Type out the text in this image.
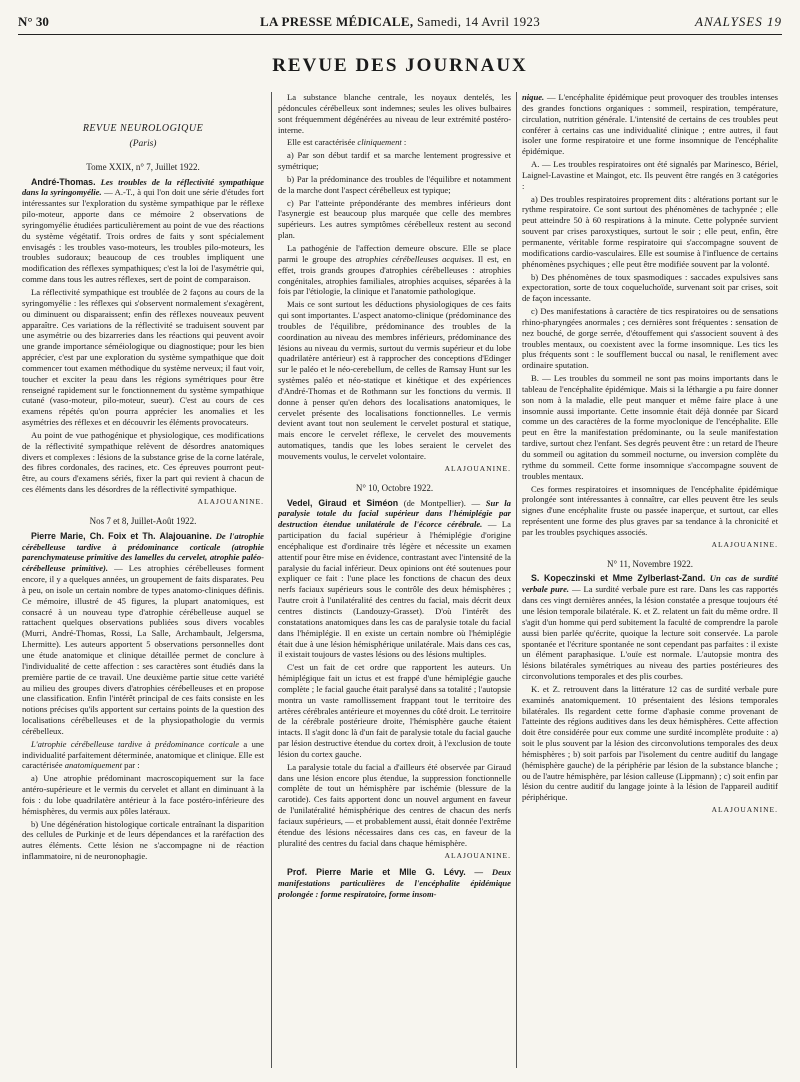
N° 30	LA PRESSE MÉDICALE, Samedi, 14 Avril 1923	ANALYSES 19
REVUE DES JOURNAUX
REVUE NEUROLOGIQUE
(Paris)

Tome XXIX, n° 7, Juillet 1922.

André-Thomas. Les troubles de la réflectivité sympathique dans la syringomyélie. — A.-T., à qui l'on doit une série d'études fort intéressantes sur l'exploration du système sympathique par le réflexe pilo-moteur, apporte dans ce mémoire 2 observations de syringomyélie étudiées particulièrement au point de vue des réactions du système végétatif. Trois ordres de faits y sont spécialement envisagés : les troubles vaso-moteurs, les troubles pilo-moteurs, les troubles sudoraux; beaucoup de ces troubles impliquent une modification des réflexes sympathiques; c'est la loi de l'asymétrie qui, comme dans tous les autres réflexes, sert de point de comparaison.

La réflectivité sympathique est troublée de 2 façons au cours de la syringomyélie : les réflexes qui s'observent normalement s'exagèrent, ou diminuent ou disparaissent; enfin des réflexes nouveaux peuvent apparaître. Ces variations de la réflectivité se traduisent souvent par une asymétrie ou des bizarreries dans les réactions qui peuvent avoir une grande importance séméiologique ou diagnostique; pour les bien apprécier, c'est par une exploration du système sympathique que doit commencer tout examen méthodique du système nerveux; il faut voir, toucher et exciter la peau dans les régions symétriques pour être renseigné rapidement sur le fonctionnement du système sympathique cutané (vaso-moteur, pilo-moteur, sueur). C'est au cours de ces examens répétés qu'on pourra apprécier les anomalies et les asymétries des réflexes et en découvrir les éléments provocateurs.

Au point de vue pathogénique et physiologique, ces modifications de la réflectivité sympathique relèvent de désordres anatomiques divers et complexes : lésions de la substance grise de la corne latérale, des fibres cordonales, des racines, etc. Ces épreuves pourront peut-être, au cours d'examens sériés, fixer la part qui revient à chacun de ces éléments dans les désordres de la réflectivité sympathique.

ALAJOUANINE.

Nos 7 et 8, Juillet-Août 1922.

Pierre Marie, Ch. Foix et Th. Alajouanine. De l'atrophie cérébelleuse tardive à prédominance corticale (atrophie parenchymateuse primitive des lamelles du cervelet, atrophie paléo-cérébelleuse primitive). — Les atrophies cérébelleuses forment encore, il y a quelques années, un groupement de faits disparates. Peu à peu, on isole un certain nombre de types anatomo-cliniques définis. Ce mémoire, illustré de 45 figures, la plupart anatomiques, est consacré à un nouveau type d'atrophie cérébelleuse auquel se rattachent quelques observations publiées sous divers vocables (Murri, André-Thomas, Rossi, La Salle, Archambault, Jelgersma, Lhermitte). Les auteurs apportent 5 observations personnelles dont une étude anatomique et clinique détaillée permet de conclure à l'individualité de cette affection : ses caractères sont étudiés dans la première partie de ce travail. Une deuxième partie situe cette variété au milieu des groupes divers d'atrophies cérébelleuses et en propose une classification. Enfin l'intérêt principal de ces faits consiste en les notions précises qu'ils apportent sur certains points de la question des localisations cérébelleuses et de la physiopathologie du vermis cérébelleux.

L'atrophie cérébelleuse tardive à prédominance corticale a une individualité parfaitement déterminée, anatomique et clinique. Elle est caractérisée anatomiquement par :

a) Une atrophie prédominant macroscopiquement sur la face antéro-supérieure et le vermis du cervelet et allant en diminuant à la fois : du lobe quadrilatère antérieur à la face postéro-inférieure des hémisphères, du vermis aux pôles latéraux.

b) Une dégénération histologique corticale entraînant la disparition des cellules de Purkinje et de leurs dépendances et la raréfaction des autres éléments. Cette lésion ne s'accompagne ni de réaction inflammatoire, ni de neuronophagie.

La substance blanche centrale, les noyaux dentelés, les pédoncules cérébelleux sont indemnes; seules les olives bulbaires sont fréquemment dégénérées au niveau de leur extrémité postéro-interne.

Elle est caractérisée cliniquement :

a) Par son début tardif et sa marche lentement progressive et symétrique;

b) Par la prédominance des troubles de l'équilibre et notamment de la marche dont l'aspect cérébelleux est typique;

c) Par l'atteinte prépondérante des membres inférieurs dont l'asynergie est beaucoup plus marquée que celle des membres supérieurs. Les autres symptômes cérébelleux restent au second plan.

La pathogénie de l'affection demeure obscure. Elle se place parmi le groupe des atrophies cérébelleuses acquises. Il est, en effet, trois grands groupes d'atrophies cérébelleuses : atrophies congénitales, atrophies familiales, atrophies acquises, séparées à la fois par l'étiologie, la clinique et l'anatomie pathologique.

Mais ce sont surtout les déductions physiologiques de ces faits qui sont importantes. L'aspect anatomo-clinique (prédominance des troubles de l'équilibre, prédominance des troubles de la coordination au niveau des membres inférieurs, prédominance des lésions au niveau du vermis, surtout du vermis supérieur et du lobe quadrilatère antérieur) est à rapprocher des conceptions d'Edinger sur le paléo et le néo-cerebellum, de celles de Ramsay Hunt sur les systèmes paléo et néo-statique et kinétique et des expériences d'André-Thomas et de Rothmann sur les fonctions du vermis. Il donne à penser qu'en dehors des localisations anatomiques, le cervelet présente des localisations fonctionnelles. Le vermis devient avant tout non seulement le cervelet postural et statique, mais encore le cervelet réflexe, le cervelet des mouvements automatiques, tandis que les lobes seraient le cervelet des mouvements voulus, le cervelet volontaire.

ALAJOUANINE.

N° 10, Octobre 1922.

Vedel, Giraud et Siméon (de Montpellier). — Sur la paralysie totale du facial supérieur dans l'hémiplégie par destruction étendue unilatérale de l'écorce cérébrale. — La participation du facial supérieur à l'hémiplégie d'origine encéphalique est d'ordinaire très légère et nécessite un examen attentif pour être mise en évidence, contrastant avec l'intensité de la paralysie du facial inférieur. Deux opinions ont été soutenues pour expliquer ce fait : l'une place les fonctions de chacun des deux nerfs faciaux supérieurs sous le contrôle des deux hémisphères ; l'autre croit à l'unilatéralité des centres du facial, mais décrit deux centres distincts (Landouzy-Grasset). D'où l'intérêt des constatations anatomiques dans les cas de paralysie totale du facial dans l'hémiplégie. Il en existe un certain nombre où l'hémiplégie était due à une lésion hémisphérique unilatérale. Mais dans ces cas, il existait toujours de vastes lésions ou des lésions multiples.

C'est un fait de cet ordre que rapportent les auteurs. Un hémiplégique fait un ictus et est frappé d'une hémiplégie gauche complète ; le facial gauche était paralysé dans sa totalité ; l'autopsie montra un vaste ramollissement frappant tout le territoire des artères cérébrales antérieure et moyennes du côté droit. Le territoire de la cérébrale postérieure droite, l'hémisphère gauche étaient intacts. Il s'agit donc là d'un fait de paralysie totale du facial gauche par lésion destructive étendue du cortex droit, à l'exclusion de toute lésion du cortex gauche.

La paralysie totale du facial a d'ailleurs été observée par Giraud dans une lésion encore plus étendue, la suppression fonctionnelle complète de tout un hémisphère par ischémie (blessure de la carotide). Ces faits apportent donc un nouvel argument en faveur de l'unilatéralité hémisphérique des centres de chacun des nerfs faciaux supérieurs, — et probablement aussi, était donnée l'extrême étendue des lésions nécessaires dans ces cas, en faveur de la pluralité des centres du facial dans chaque hémisphère.

ALAJOUANINE.

Prof. Pierre Marie et Mlle G. Lévy. — Deux manifestations particulières de l'encéphalite épidémique prolongée : forme respiratoire, forme insom-

nique. — L'encéphalite épidémique peut provoquer des troubles intenses des grandes fonctions organiques : sommeil, respiration, température, circulation, nutrition générale. L'intensité de certains de ces troubles peut conférer à certains cas une individualité clinique ; entre autres, il faut isoler une forme respiratoire et une forme insomnique de l'encéphalite épidémique.

A. — Les troubles respiratoires ont été signalés par Marinesco, Bériel, Laignel-Lavastine et Maingot, etc. Ils peuvent être rangés en 3 catégories :

a) Des troubles respiratoires proprement dits : altérations portant sur le rythme respiratoire. Ce sont surtout des phénomènes de tachypnée ; elle peut atteindre 50 à 60 respirations à la minute. Cette polypnée survient souvent par crises paroxystiques, surtout le soir ; elle peut, enfin, être permanente, véritable forme respiratoire qui s'accompagne souvent de modifications cardio-vasculaires. Elle est soumise à l'influence de certains phénomènes psychiques ; elle peut être modifiée souvent par la volonté.

b) Des phénomènes de toux spasmodiques : saccades expulsives sans expectoration, sorte de toux coqueluchoïde, survenant soit par crises, soit de façon incessante.

c) Des manifestations à caractère de tics respiratoires ou de sensations rhino-pharyngées anormales ; ces dernières sont fréquentes : sensation de nez bouché, de gorge serrée, d'étouffement qui s'associent souvent à des troubles mentaux, ou coexistent avec la forme insomnique. Les tics les plus fréquents sont : le soufflement buccal ou nasal, le reniflement avec ordinaire sputation.

B. — Les troubles du sommeil ne sont pas moins importants dans le tableau de l'encéphalite épidémique. Mais si la léthargie a pu faire donner son nom à la maladie, elle peut manquer et même faire place à une insomnie aussi importante. Cette insomnie était déjà donnée par Sicard comme un des caractères de la forme myoclonique de l'encéphalite. Elle peut en être la manifestation prédominante, ou la seule manifestation tardive, surtout chez l'enfant. Ses degrés peuvent être : un retard de l'heure du sommeil ou agitation du sommeil nocturne, ou inversion complète du rythme du sommeil. Cette forme insomnique s'accompagne souvent de troubles mentaux.

Ces formes respiratoires et insomniques de l'encéphalite épidémique prolongée sont intéressantes à connaître, car elles peuvent être les seuls signes d'une encéphalite fruste ou passée inaperçue, et surtout, car elles représentent une forme des plus graves par sa tendance à la chronicité et par les troubles psychiques associés.

ALAJOUANINE.

N° 11, Novembre 1922.

S. Kopeczinski et Mme Zylberlast-Zand. Un cas de surdité verbale pure. — La surdité verbale pure est rare. Dans les cas rapportés dans ces vingt dernières années, la lésion constatée a presque toujours été une lésion temporale bilatérale. K. et Z. relatent un fait du même ordre. Il s'agit d'un homme qui perd subitement la faculté de comprendre la parole aussi bien parlée qu'écrite, quoique la lecture soit conservée. La parole spontanée et l'écriture spontanée ne sont cependant pas parfaites : il existe un élément paraphasique. L'ouïe est normale. L'autopsie montra des lésions bilatérales symétriques au niveau des parties postérieures des circonvolutions temporales et des plis courbes.

K. et Z. retrouvent dans la littérature 12 cas de surdité verbale pure examinés anatomiquement. 10 présentaient des lésions temporales bilatérales. Ils regardent cette forme d'aphasie comme provenant de l'atteinte des régions auditives dans les deux hémisphères. Cette affection doit être considérée pour eux comme une surdité incomplète produite : a) soit le plus souvent par la lésion des circonvolutions temporales des deux hémisphères ; b) soit parfois par l'isolement du centre auditif du langage (hémisphère gauche) de la périphérie par lésion de la substance blanche ; ou de l'autre hémisphère, par lésion calleuse (Lippmann) ; c) soit enfin par lésion du centre auditif du langage jointe à la lésion de l'appareil auditif périphérique.

ALAJOUANINE.
